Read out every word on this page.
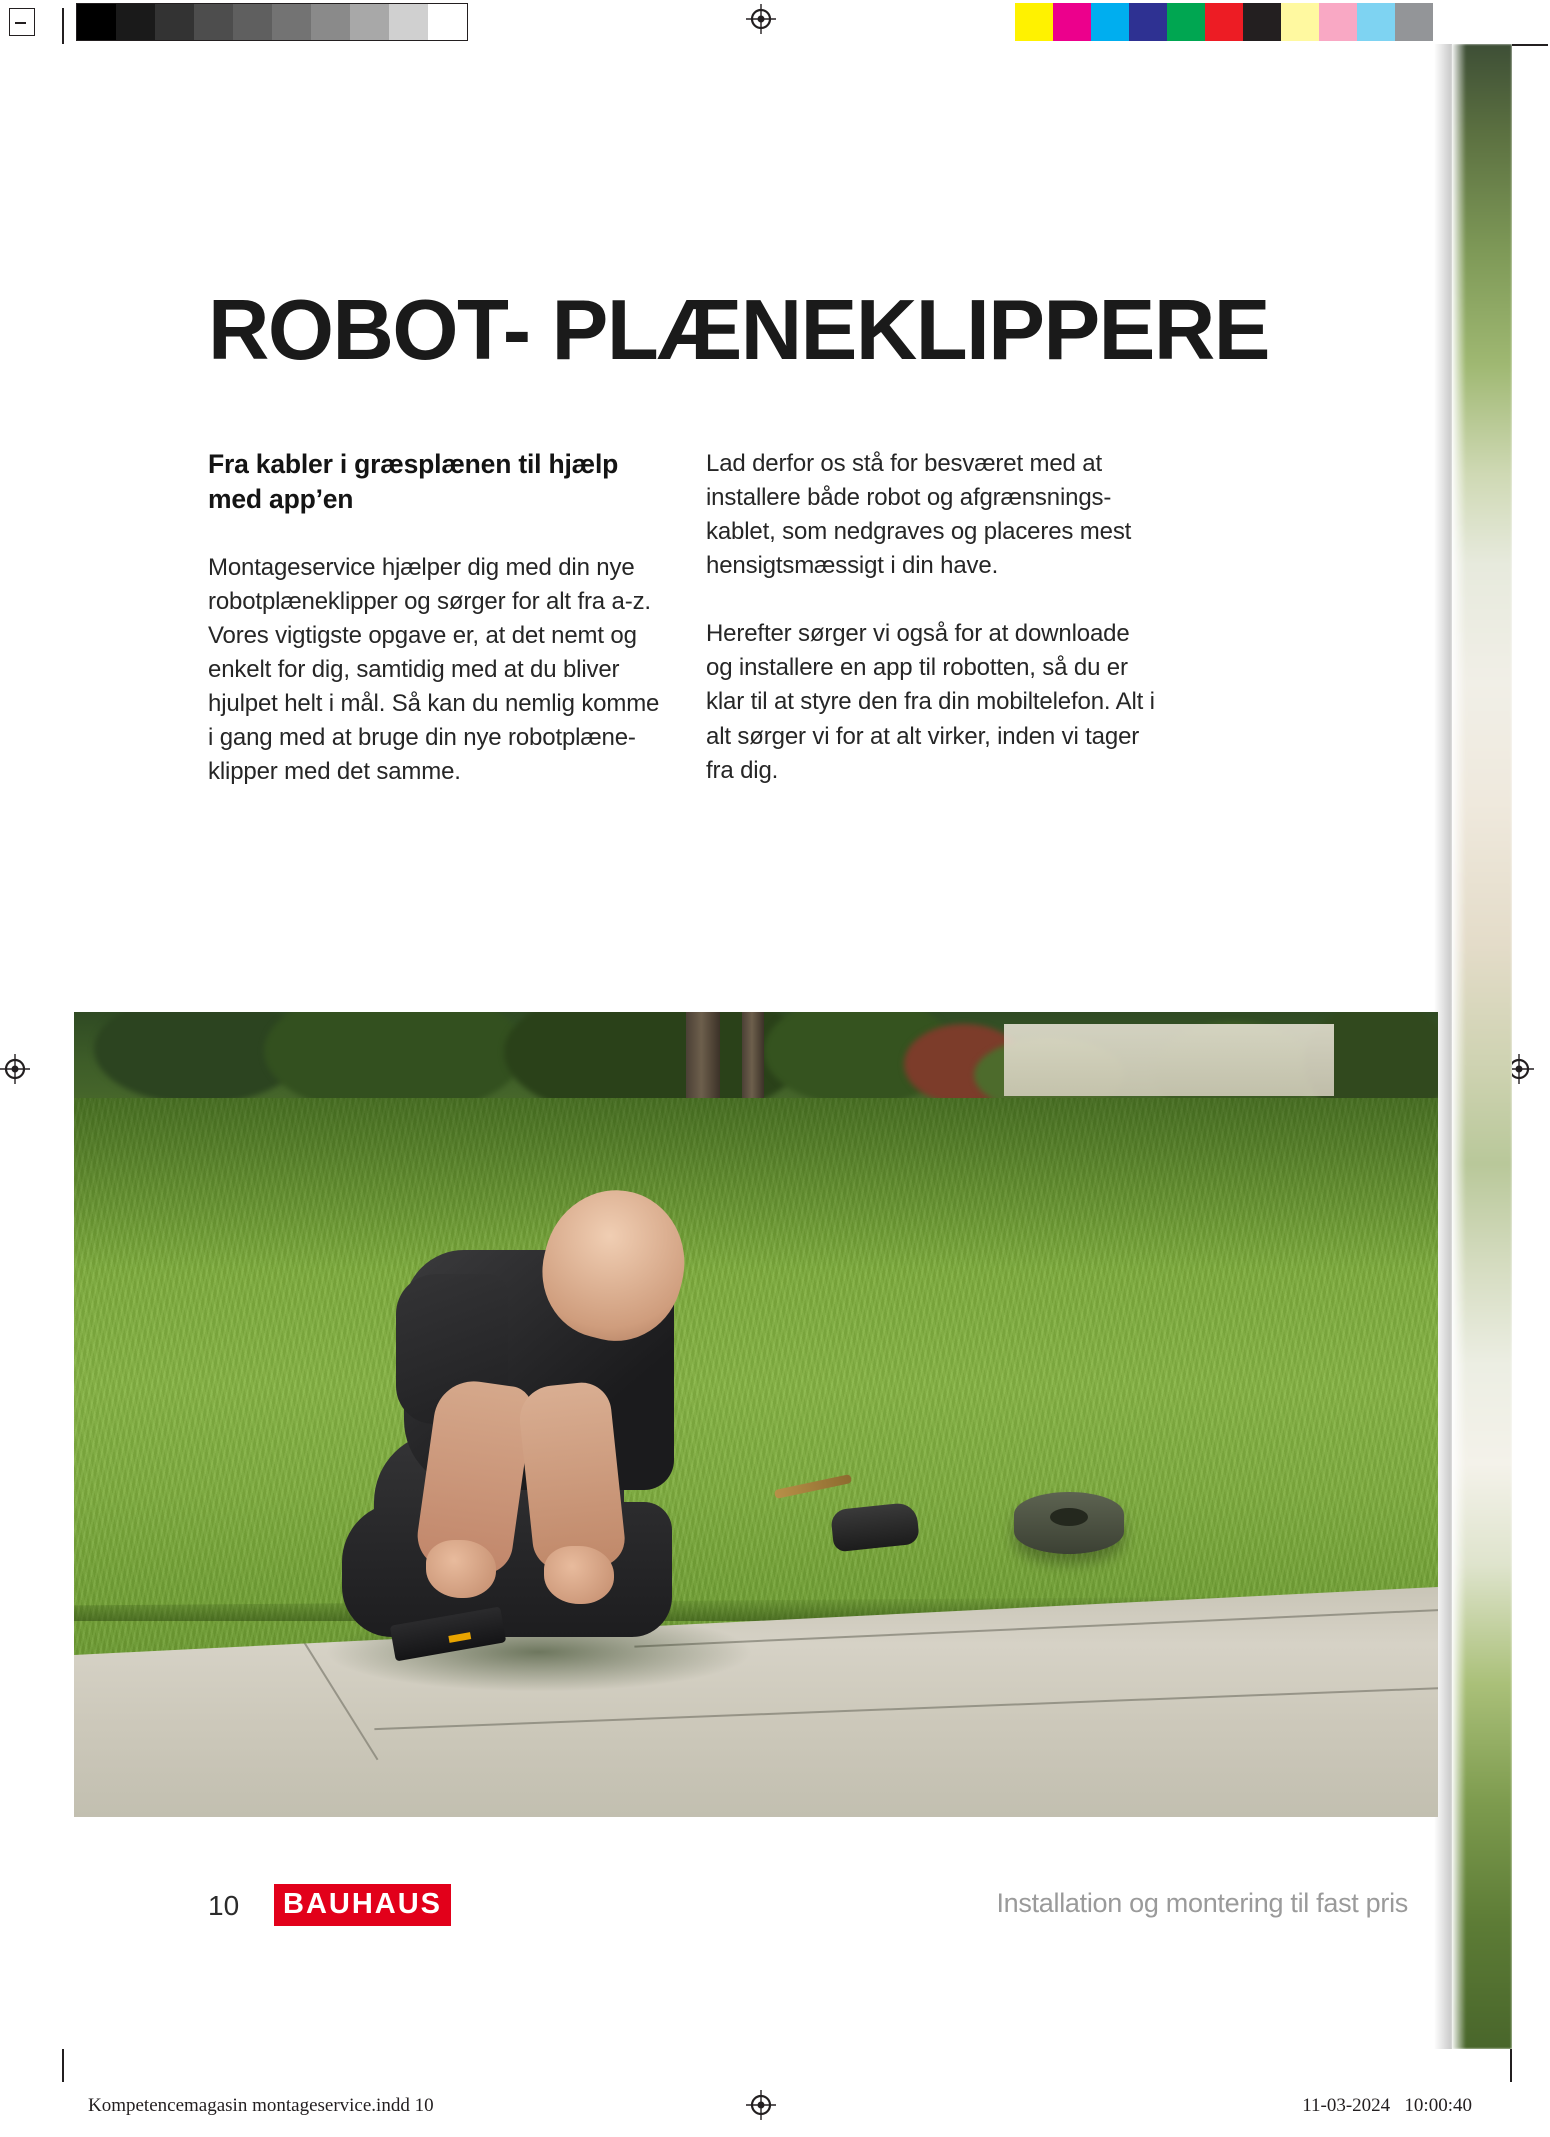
ROBOT- PLÆNEKLIPPERE
Fra kabler i græsplænen til hjælp med app’en

Montageservice hjælper dig med din nye robotplæneklipper og sørger for alt fra a-z. Vores vigtigste opgave er, at det nemt og enkelt for dig, samtidig med at du bliver hjulpet helt i mål. Så kan du nemlig komme i gang med at bruge din nye robotplæne-klipper med det samme.

Lad derfor os stå for besværet med at installere både robot og afgrænsnings-kablet, som nedgraves og placeres mest hensigtsmæssigt i din have.

Herefter sørger vi også for at downloade og installere en app til robotten, så du er klar til at styre den fra din mobiltelefon. Alt i alt sørger vi for at alt virker, inden vi tager fra dig.

10 BAUHAUS	Installation og montering til fast pris
Kompetencemagasin montageservice.indd 10	11-03-2024   10:00:40
